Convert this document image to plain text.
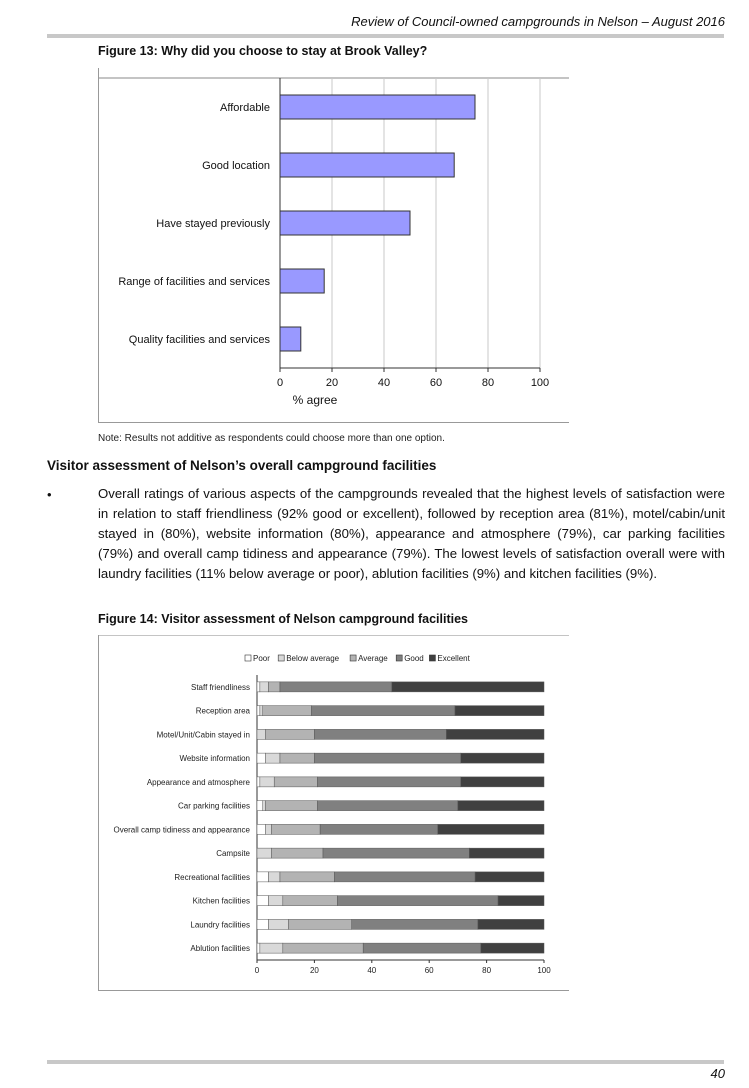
Review of Council-owned campgrounds in Nelson – August 2016
Figure 13: Why did you choose to stay at Brook Valley?
0	20	40	60	80	100
% agree
Affordable
Good location
Have stayed previously
Range of facilities and services
Quality facilities and services
Note: Results not additive as respondents could choose more than one option.
Visitor assessment of Nelson’s overall campground facilities
•	Overall ratings of various aspects of the campgrounds revealed that the highest levels of satisfaction were in relation to staff friendliness (92% good or excellent), followed by reception area (81%), motel/cabin/unit stayed in (80%), website information (80%), appearance and atmosphere (79%), car parking facilities (79%) and overall camp tidiness and appearance (79%). The lowest levels of satisfaction overall were with laundry facilities (11% below average or poor), ablution facilities (9%) and kitchen facilities (9%).
Figure 14: Visitor assessment of Nelson campground facilities
Poor Below average Average Good Excellent
0	20	40	60	80	100
Staff friendliness
Reception area
Motel/Unit/Cabin stayed in
Website information
Appearance and atmosphere
Car parking facilities
Overall camp tidiness and appearance
Campsite
Recreational facilities
Kitchen facilities
Laundry facilities
Ablution facilities
40
